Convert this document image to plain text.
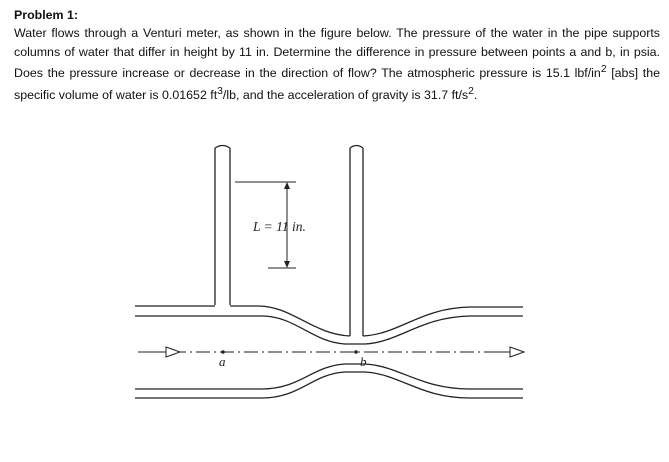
Problem 1:

Water flows through a Venturi meter, as shown in the figure below. The pressure of the water in the pipe supports columns of water that differ in height by 11 in. Determine the difference in pressure between points a and b, in psia. Does the pressure increase or decrease in the direction of flow? The atmospheric pressure is 15.1 lbf/$in^2$ [abs] the specific volume of water is 0.01652 $ft^3/lb$, and the acceleration of gravity is 31.7 $ft/s^2$.

L = 11 in.
a	b
